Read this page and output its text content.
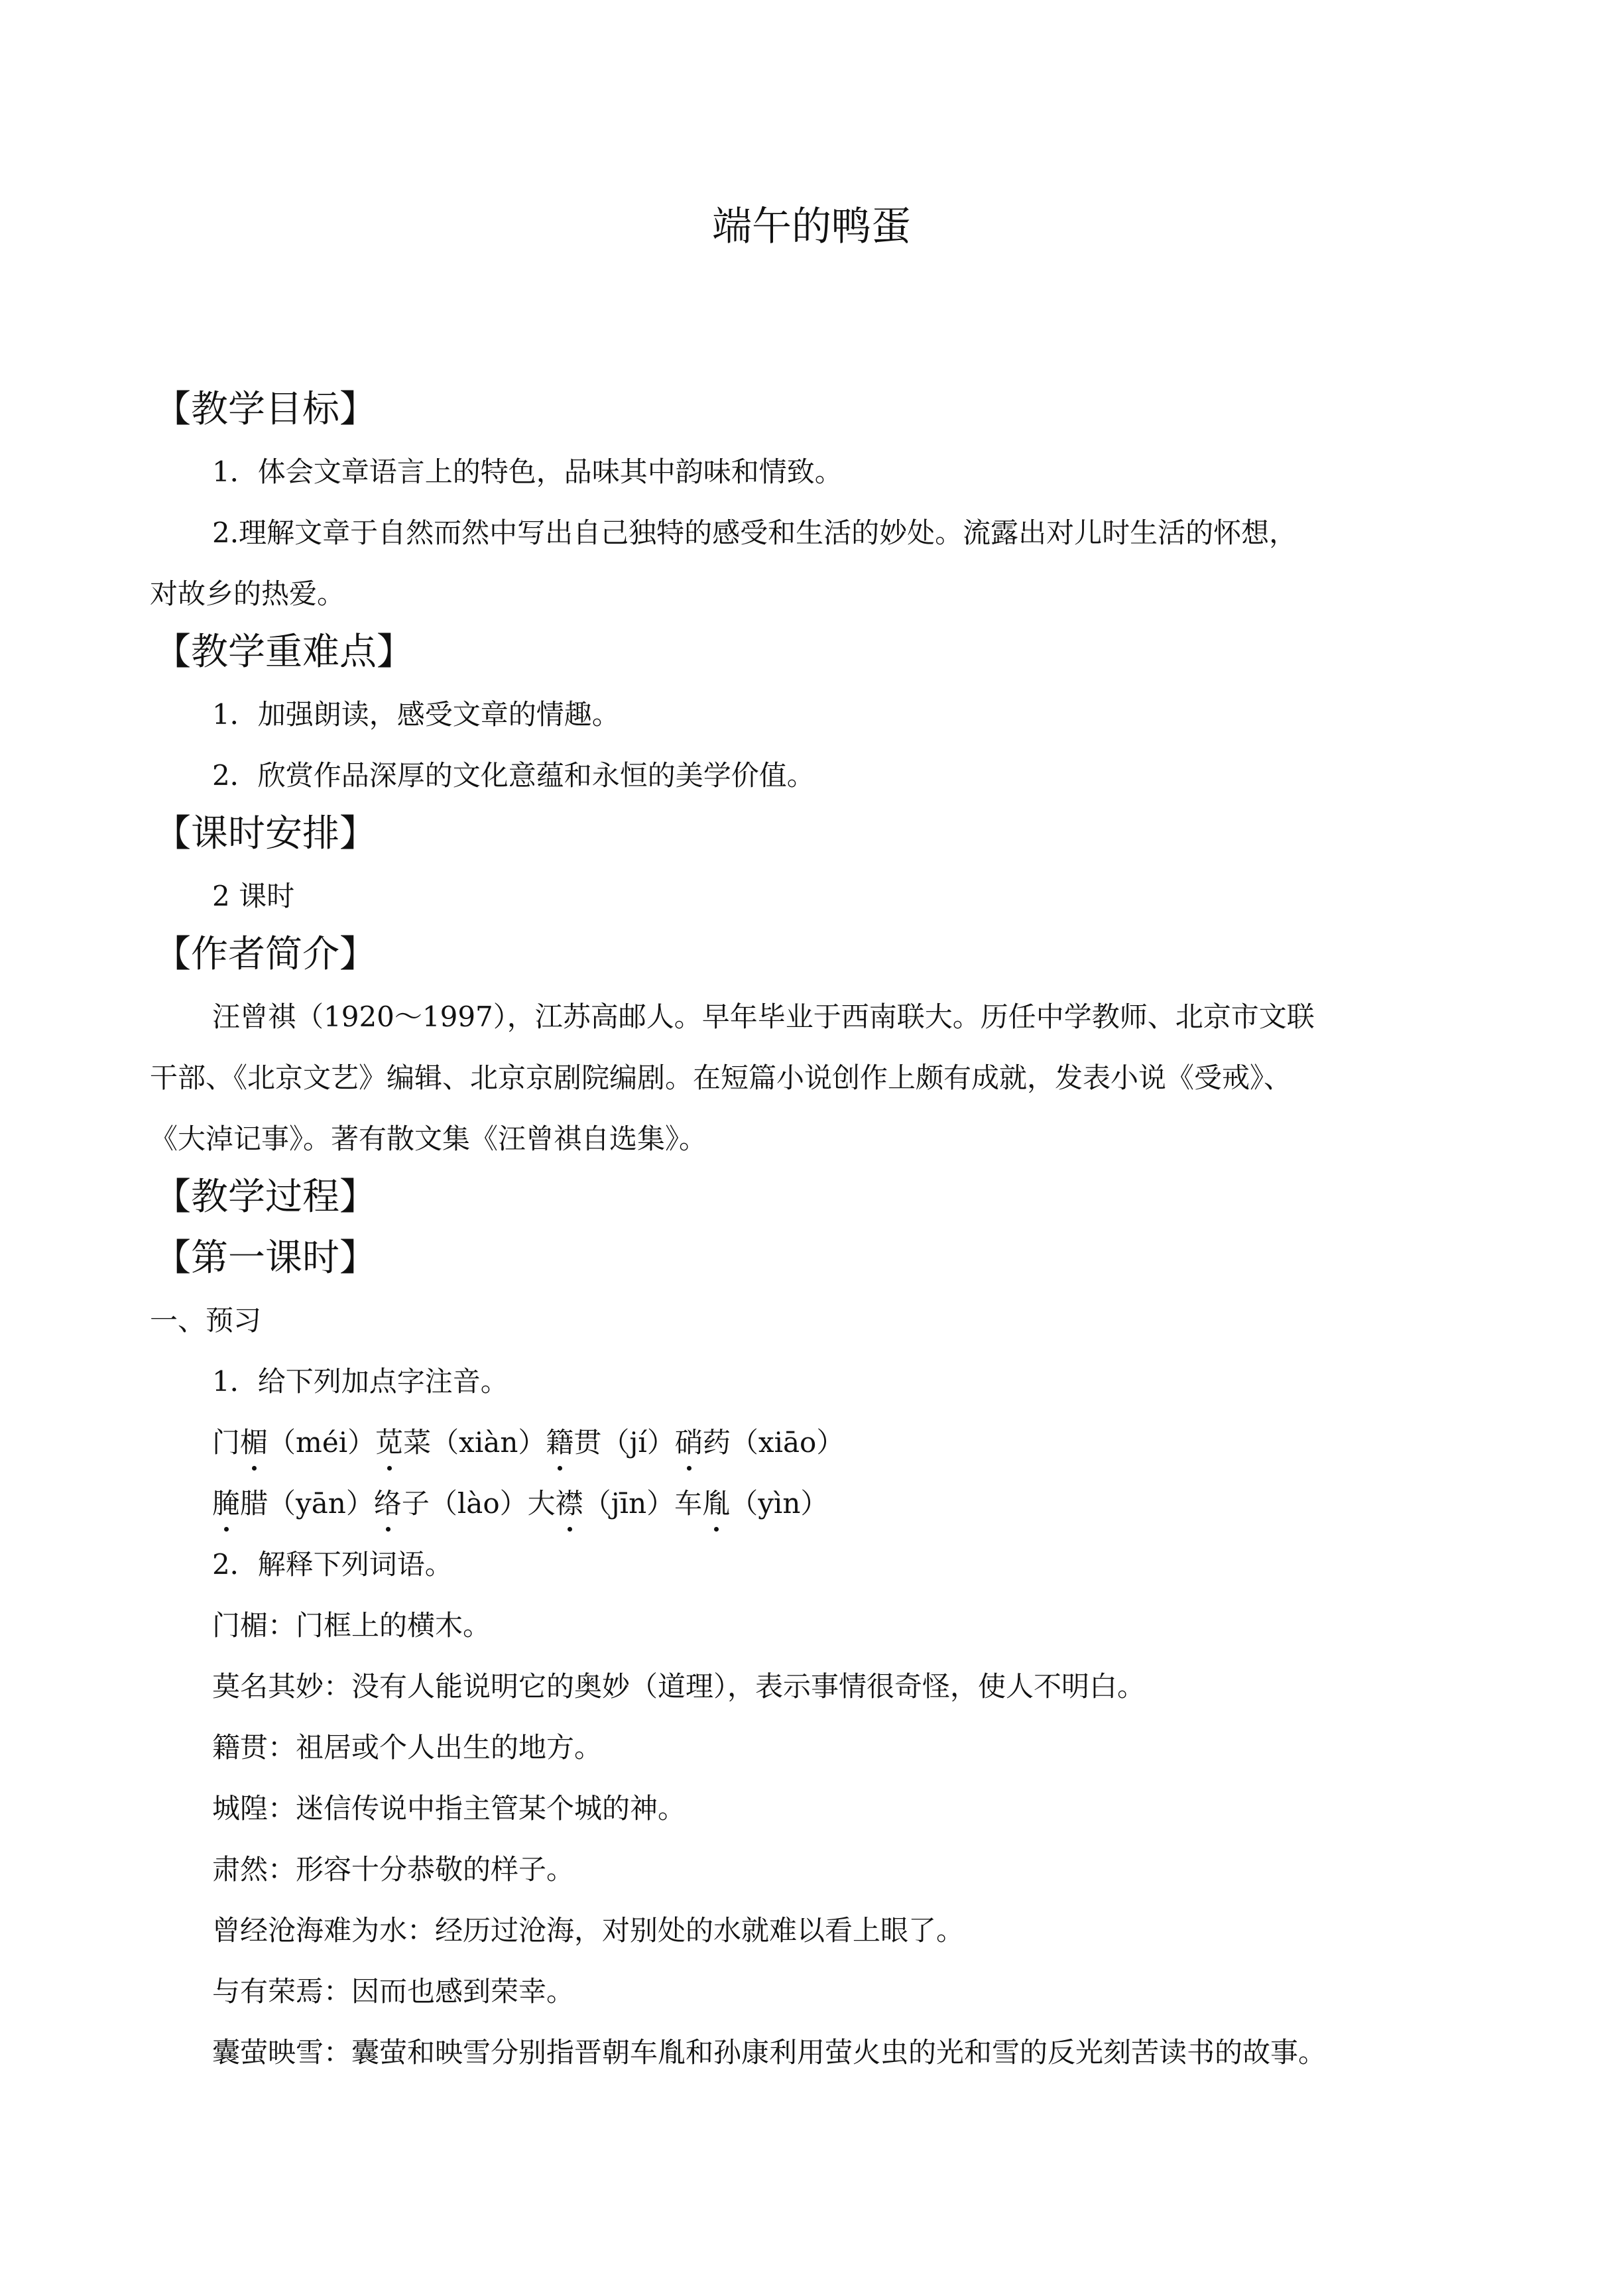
端午的鸭蛋
【教学目标】
1．体会文章语言上的特色，品味其中韵味和情致。
2.理解文章于自然而然中写出自己独特的感受和生活的妙处。流露出对儿时生活的怀想，
对故乡的热爱。
【教学重难点】
1．加强朗读，感受文章的情趣。
2．欣赏作品深厚的文化意蕴和永恒的美学价值。
【课时安排】
2 课时
【作者简介】
汪曾祺（1920～1997），江苏高邮人。早年毕业于西南联大。历任中学教师、北京市文联
干部、《北京文艺》编辑、北京京剧院编剧。在短篇小说创作上颇有成就，发表小说《受戒》、
《大淖记事》。著有散文集《汪曾祺自选集》。
【教学过程】
【第一课时】
一、预习
1．给下列加点字注音。
门楣（méi）苋菜（xiàn）籍贯（jí）硝药（xiāo）
腌腊（yān）络子（lào）大襟（jīn）车胤（yìn）
2．解释下列词语。
门楣：门框上的横木。
莫名其妙：没有人能说明它的奥妙（道理），表示事情很奇怪，使人不明白。
籍贯：祖居或个人出生的地方。
城隍：迷信传说中指主管某个城的神。
肃然：形容十分恭敬的样子。
曾经沧海难为水：经历过沧海，对别处的水就难以看上眼了。
与有荣焉：因而也感到荣幸。
囊萤映雪：囊萤和映雪分别指晋朝车胤和孙康利用萤火虫的光和雪的反光刻苦读书的故事。
